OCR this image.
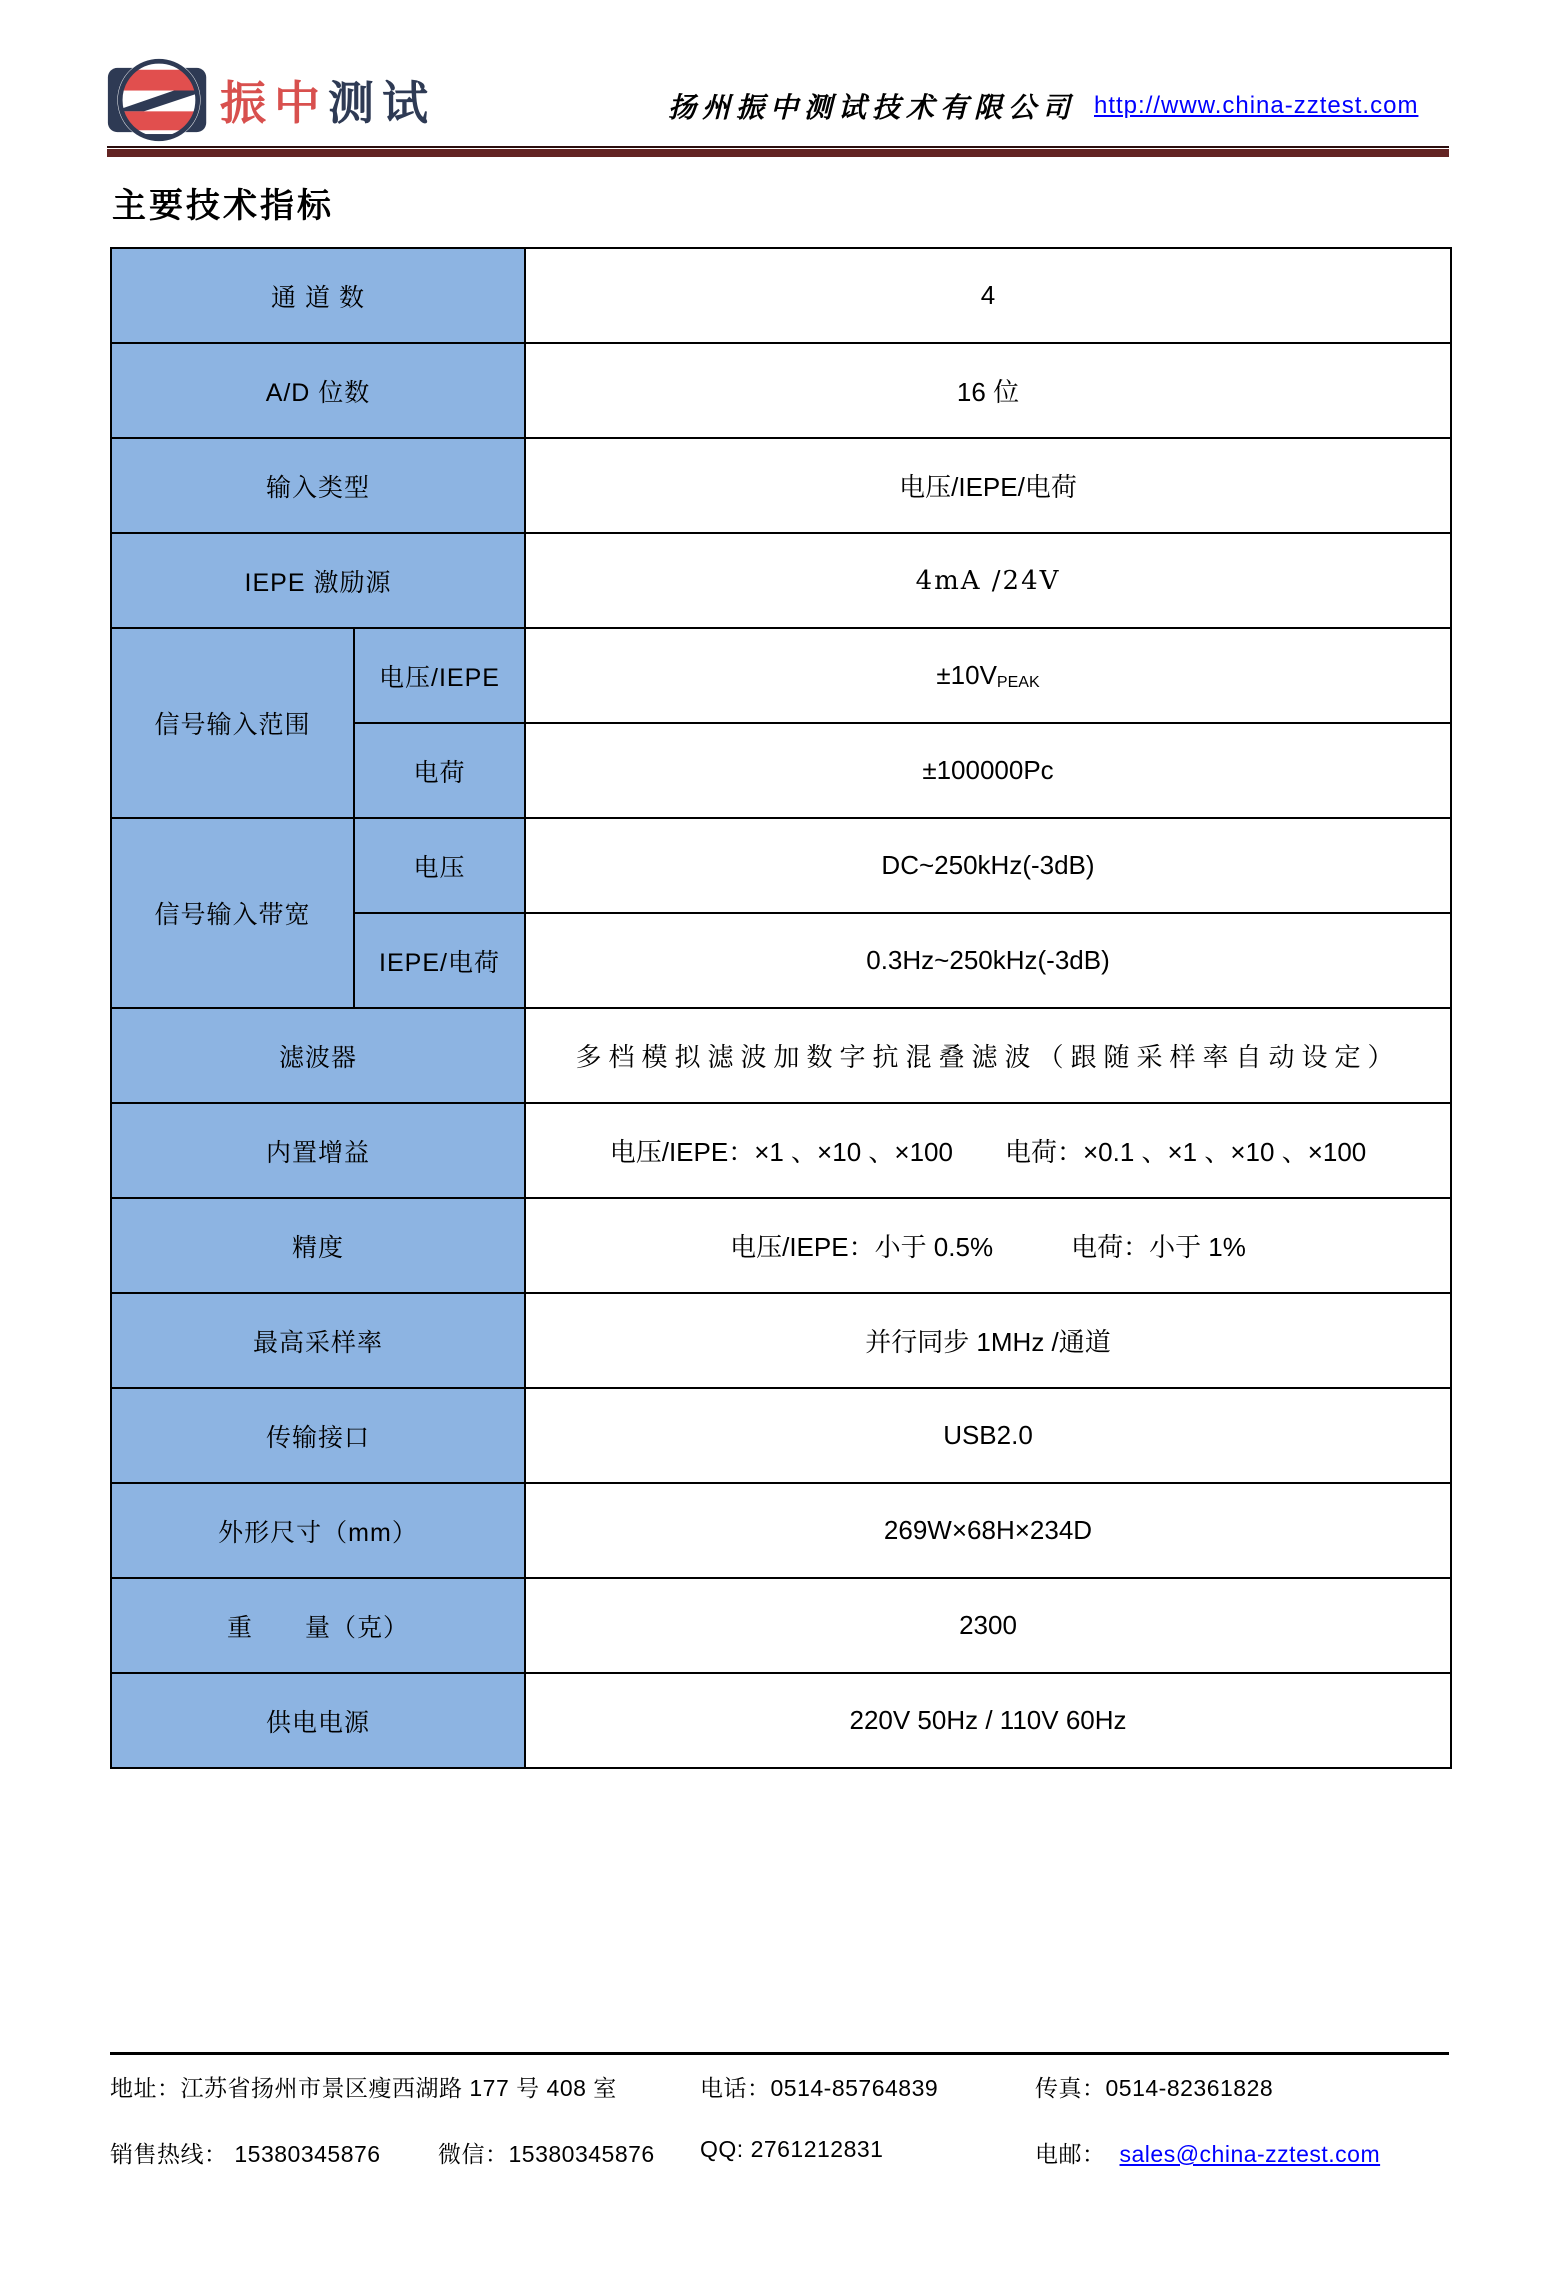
振中测试	扬州振中测试技术有限公司 http://www.china-zztest.com
主要技术指标
通 道 数		4
A/D 位数		16 位
输入类型		电压/IEPE/电荷
IEPE 激励源		4mA /24V
信号输入范围	电压/IEPE	±10VPEAK
	电荷	±100000Pc
信号输入带宽	电压	DC~250kHz(-3dB)
	IEPE/电荷	0.3Hz~250kHz(-3dB)
滤波器		多档模拟滤波加数字抗混叠滤波（跟随采样率自动设定）
内置增益		电压/IEPE：×1 、×10 、×100　　电荷：×0.1 、×1 、×10 、×100
精度		电压/IEPE：小于 0.5%　　　电荷：小于 1%
最高采样率		并行同步 1MHz /通道
传输接口		USB2.0
外形尺寸（mm）		269W×68H×234D
重　　量（克）		2300
供电电源		220V 50Hz / 110V 60Hz
地址：江苏省扬州市景区瘦西湖路 177 号 408 室	电话：0514-85764839	传真：0514-82361828
销售热线： 15380345876 微信：15380345876 QQ: 2761212831	电邮： sales@china-zztest.com
